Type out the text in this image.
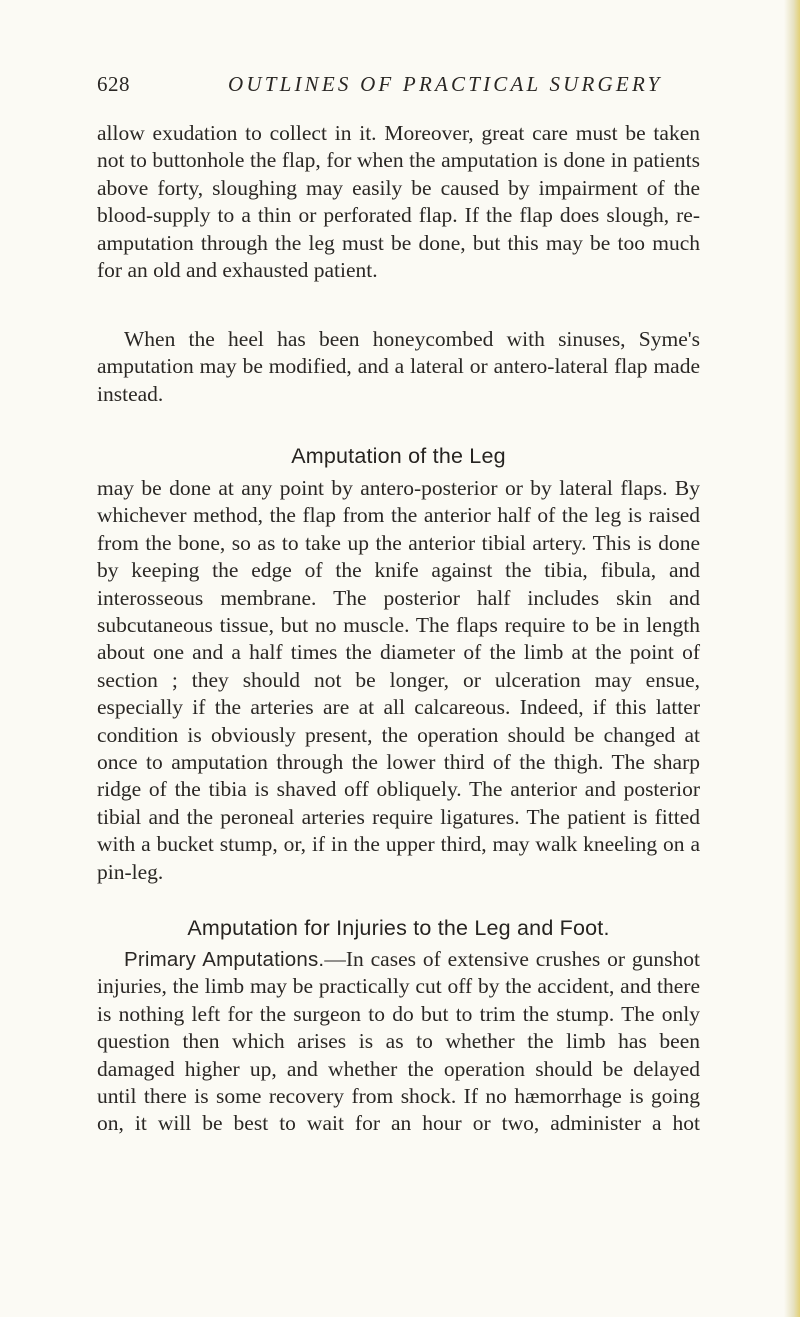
628	OUTLINES OF PRACTICAL SURGERY

allow exudation to collect in it. Moreover, great care must be taken not to buttonhole the flap, for when the amputation is done in patients above forty, sloughing may easily be caused by impairment of the blood-supply to a thin or perforated flap. If the flap does slough, re-amputation through the leg must be done, but this may be too much for an old and exhausted patient.

When the heel has been honeycombed with sinuses, Syme's amputation may be modified, and a lateral or antero-lateral flap made instead.

Amputation of the Leg

may be done at any point by antero-posterior or by lateral flaps. By whichever method, the flap from the anterior half of the leg is raised from the bone, so as to take up the anterior tibial artery. This is done by keeping the edge of the knife against the tibia, fibula, and interosseous membrane. The posterior half includes skin and subcutaneous tissue, but no muscle. The flaps require to be in length about one and a half times the diameter of the limb at the point of section ; they should not be longer, or ulceration may ensue, especially if the arteries are at all calcareous. Indeed, if this latter condition is obviously present, the operation should be changed at once to amputation through the lower third of the thigh. The sharp ridge of the tibia is shaved off obliquely. The anterior and posterior tibial and the peroneal arteries require ligatures. The patient is fitted with a bucket stump, or, if in the upper third, may walk kneeling on a pin-leg.

Amputation for Injuries to the Leg and Foot.

Primary Amputations.—In cases of extensive crushes or gunshot injuries, the limb may be practically cut off by the accident, and there is nothing left for the surgeon to do but to trim the stump. The only question then which arises is as to whether the limb has been damaged higher up, and whether the operation should be delayed until there is some recovery from shock. If no hæmorrhage is going on, it will be best to wait for an hour or two, administer a hot
